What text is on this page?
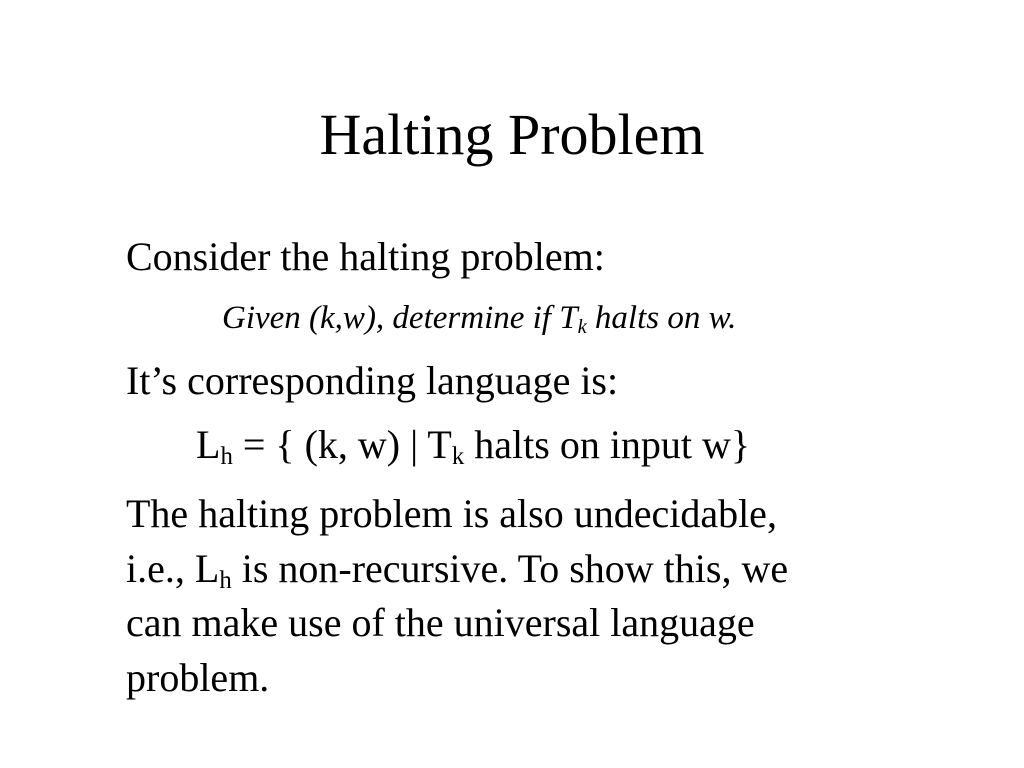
Halting Problem
Consider the halting problem:
Given (k,w), determine if $T_k$ halts on w.
It’s corresponding language is:
$L_h$ = { (k, w) | $T_k$ halts on input w}
The halting problem is also undecidable,
i.e., $L_h$ is non-recursive. To show this, we
can make use of the universal language
problem.
